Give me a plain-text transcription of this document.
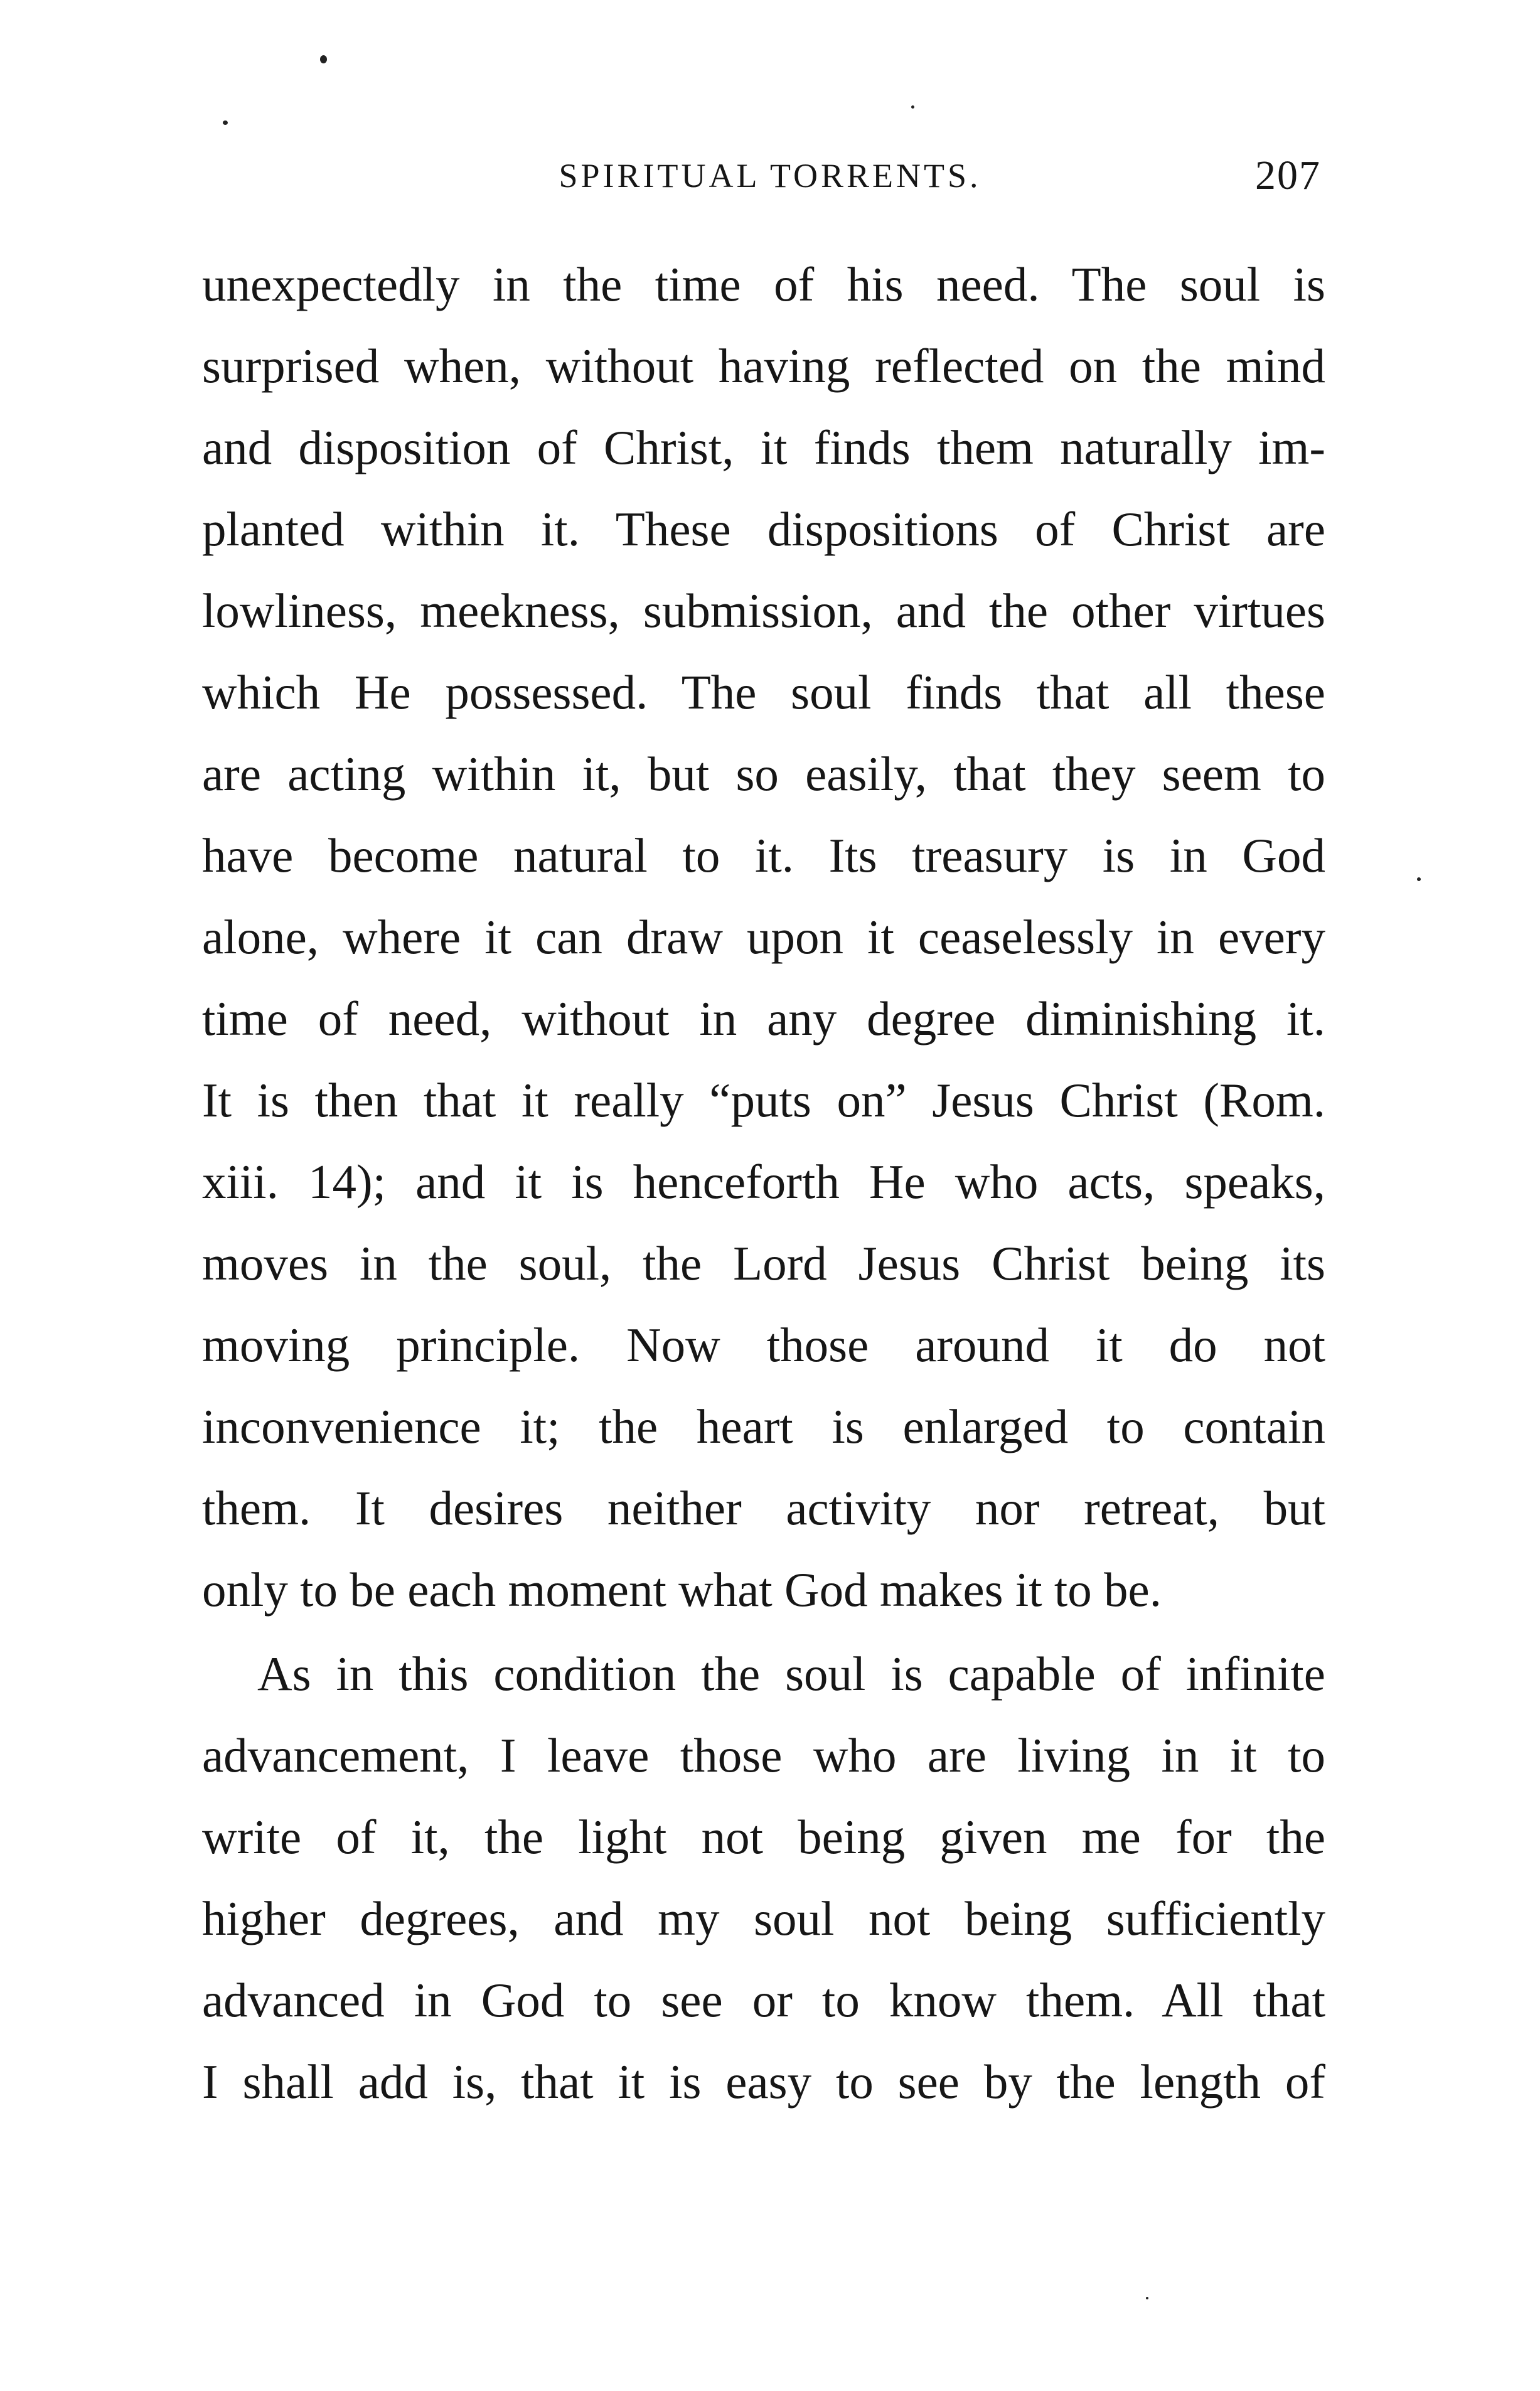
SPIRITUAL TORRENTS.	207
unexpectedly in the time of his need. The soul is
surprised when, without having reflected on the mind
and disposition of Christ, it finds them naturally im-
planted within it. These dispositions of Christ are
lowliness, meekness, submission, and the other virtues
which He possessed. The soul finds that all these
are acting within it, but so easily, that they seem to
have become natural to it. Its treasury is in God
alone, where it can draw upon it ceaselessly in every
time of need, without in any degree diminishing it.
It is then that it really “puts on” Jesus Christ (Rom.
xiii. 14); and it is henceforth He who acts, speaks,
moves in the soul, the Lord Jesus Christ being its
moving principle. Now those around it do not
inconvenience it; the heart is enlarged to contain
them. It desires neither activity nor retreat, but
only to be each moment what God makes it to be.
As in this condition the soul is capable of infinite
advancement, I leave those who are living in it to
write of it, the light not being given me for the
higher degrees, and my soul not being sufficiently
advanced in God to see or to know them. All that
I shall add is, that it is easy to see by the length of
